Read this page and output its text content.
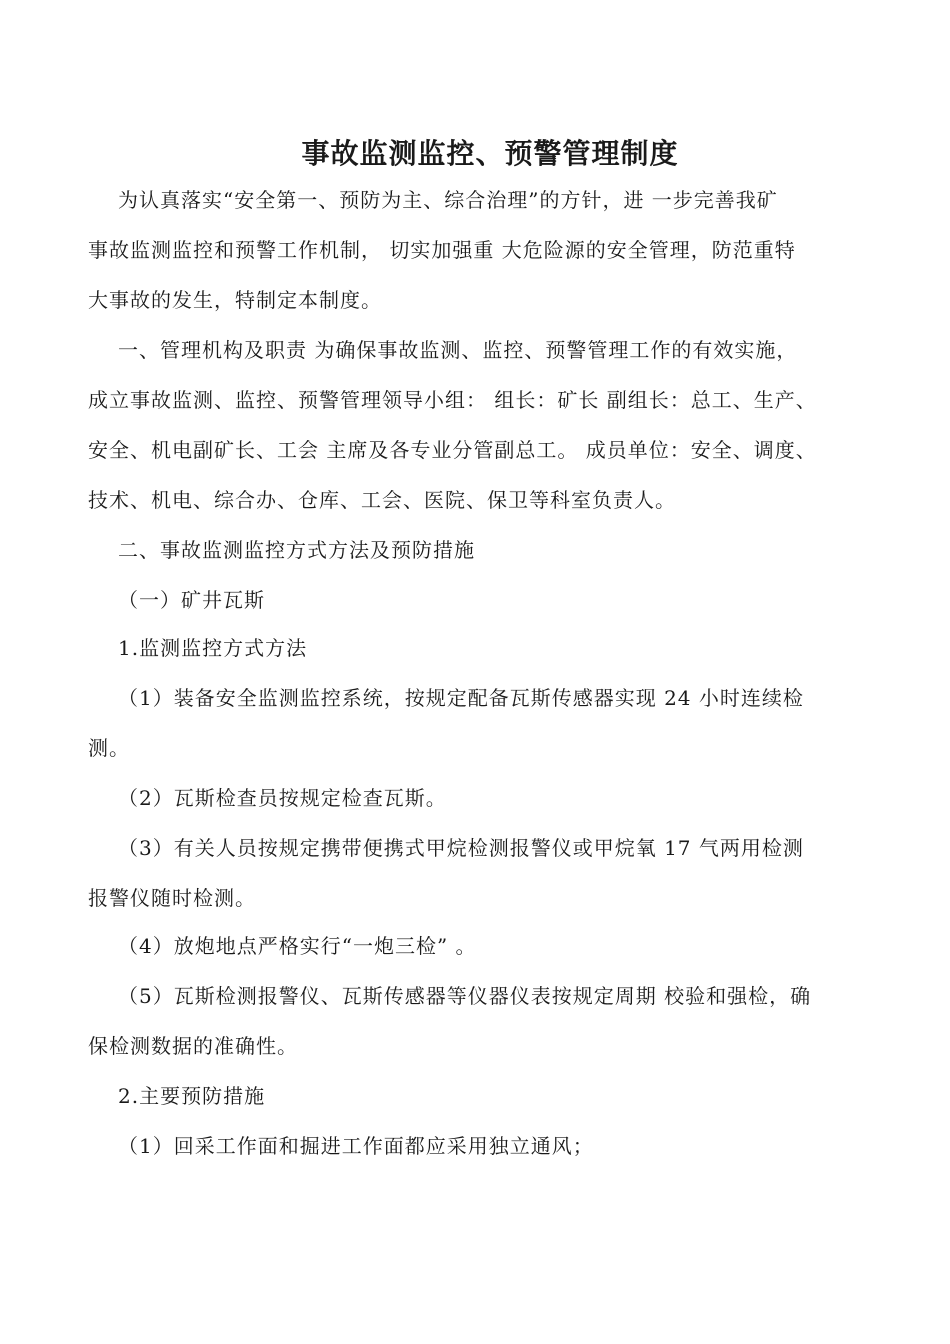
事故监测监控、预警管理制度

为认真落实“安全第一、预防为主、综合治理”的方针，进 一步完善我矿

事故监测监控和预警工作机制， 切实加强重 大危险源的安全管理，防范重特

大事故的发生，特制定本制度。

一、管理机构及职责 为确保事故监测、监控、预警管理工作的有效实施，

成立事故监测、监控、预警管理领导小组： 组长：矿长 副组长：总工、生产、

安全、机电副矿长、工会 主席及各专业分管副总工。 成员单位：安全、调度、

技术、机电、综合办、仓库、工会、医院、保卫等科室负责人。

二、事故监测监控方式方法及预防措施

（一）矿井瓦斯

1.监测监控方式方法

（1）装备安全监测监控系统，按规定配备瓦斯传感器实现 24 小时连续检

测。

（2）瓦斯检查员按规定检查瓦斯。

（3）有关人员按规定携带便携式甲烷检测报警仪或甲烷氧 17 气两用检测

报警仪随时检测。

（4）放炮地点严格实行“一炮三检” 。

（5）瓦斯检测报警仪、瓦斯传感器等仪器仪表按规定周期 校验和强检，确

保检测数据的准确性。

2.主要预防措施

（1）回采工作面和掘进工作面都应采用独立通风；
